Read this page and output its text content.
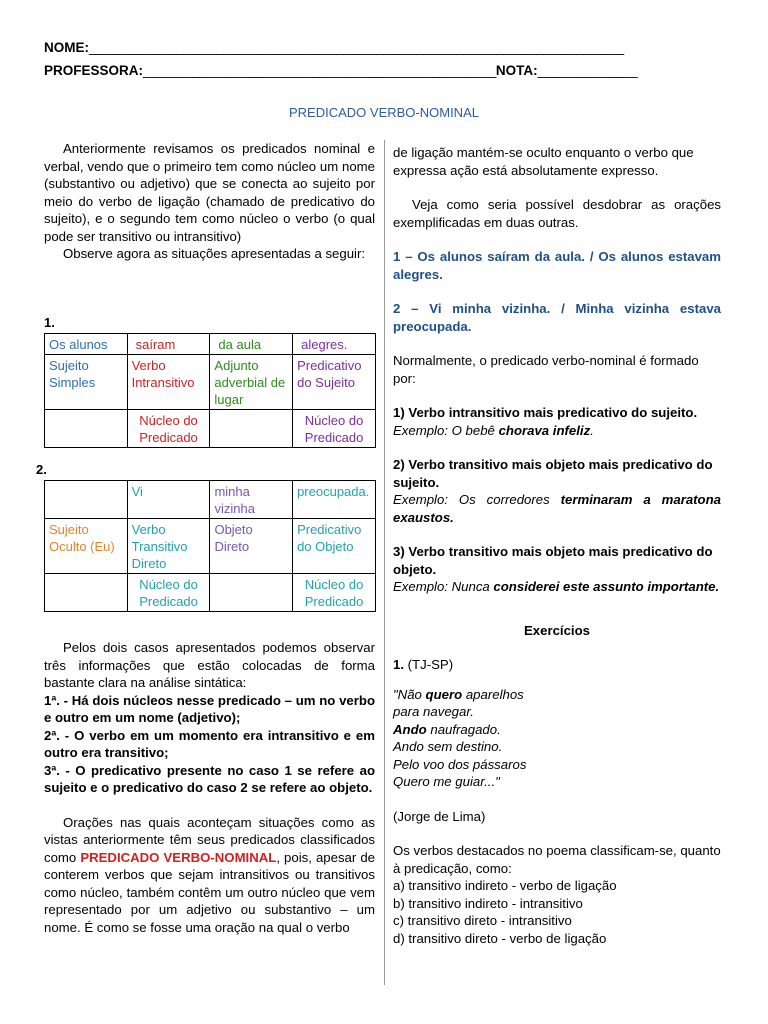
NOME:________________________________________________________________________________
PROFESSORA:__________________________________________________NOTA:______________
PREDICADO VERBO-NOMINAL

Anteriormente revisamos os predicados nominal e verbal, vendo que o primeiro tem como núcleo um nome (substantivo ou adjetivo) que se conecta ao sujeito por meio do verbo de ligação (chamado de predicativo do sujeito), e o segundo tem como núcleo o verbo (o qual pode ser transitivo ou intransitivo)

Observe agora as situações apresentadas a seguir:

1.
Os alunos	saíram	da aula	alegres.
Sujeito Simples	Verbo Intransitivo	Adjunto adverbial de lugar	Predicativo do Sujeito
	Núcleo do Predicado		Núcleo do Predicado
2.
	Vi	minha vizinha	preocupada.
Sujeito Oculto (Eu)	Verbo Transitivo Direto	Objeto Direto	Predicativo do Objeto
	Núcleo do Predicado		Núcleo do Predicado

Pelos dois casos apresentados podemos observar três informações que estão colocadas de forma bastante clara na análise sintática:

1ª. - Há dois núcleos nesse predicado – um no verbo e outro em um nome (adjetivo);

2ª. - O verbo em um momento era intransitivo e em outro era transitivo;

3ª. - O predicativo presente no caso 1 se refere ao sujeito e o predicativo do caso 2 se refere ao objeto.

Orações nas quais aconteçam situações como as vistas anteriormente têm seus predicados classificados como PREDICADO VERBO-NOMINAL, pois, apesar de conterem verbos que sejam intransitivos ou transitivos como núcleo, também contêm um outro núcleo que vem representado por um adjetivo ou substantivo – um nome. É como se fosse uma oração na qual o verbo

de ligação mantém-se oculto enquanto o verbo que expressa ação está absolutamente expresso.

Veja como seria possível desdobrar as orações exemplificadas em duas outras.

1 – Os alunos saíram da aula. / Os alunos estavam alegres.

2 – Vi minha vizinha. / Minha vizinha estava preocupada.

Normalmente, o predicado verbo-nominal é formado por:

1) Verbo intransitivo mais predicativo do sujeito.

Exemplo: O bebê chorava infeliz.

2) Verbo transitivo mais objeto mais predicativo do sujeito.

Exemplo: Os corredores terminaram a maratona exaustos.

3) Verbo transitivo mais objeto mais predicativo do objeto.

Exemplo: Nunca considerei este assunto importante.

Exercícios

1. (TJ-SP)

"Não quero aparelhos

para navegar.

Ando naufragado.

Ando sem destino.

Pelo voo dos pássaros

Quero me guiar..."

(Jorge de Lima)

Os verbos destacados no poema classificam-se, quanto à predicação, como:

a) transitivo indireto - verbo de ligação

b) transitivo indireto - intransitivo

c) transitivo direto - intransitivo

d) transitivo direto - verbo de ligação
